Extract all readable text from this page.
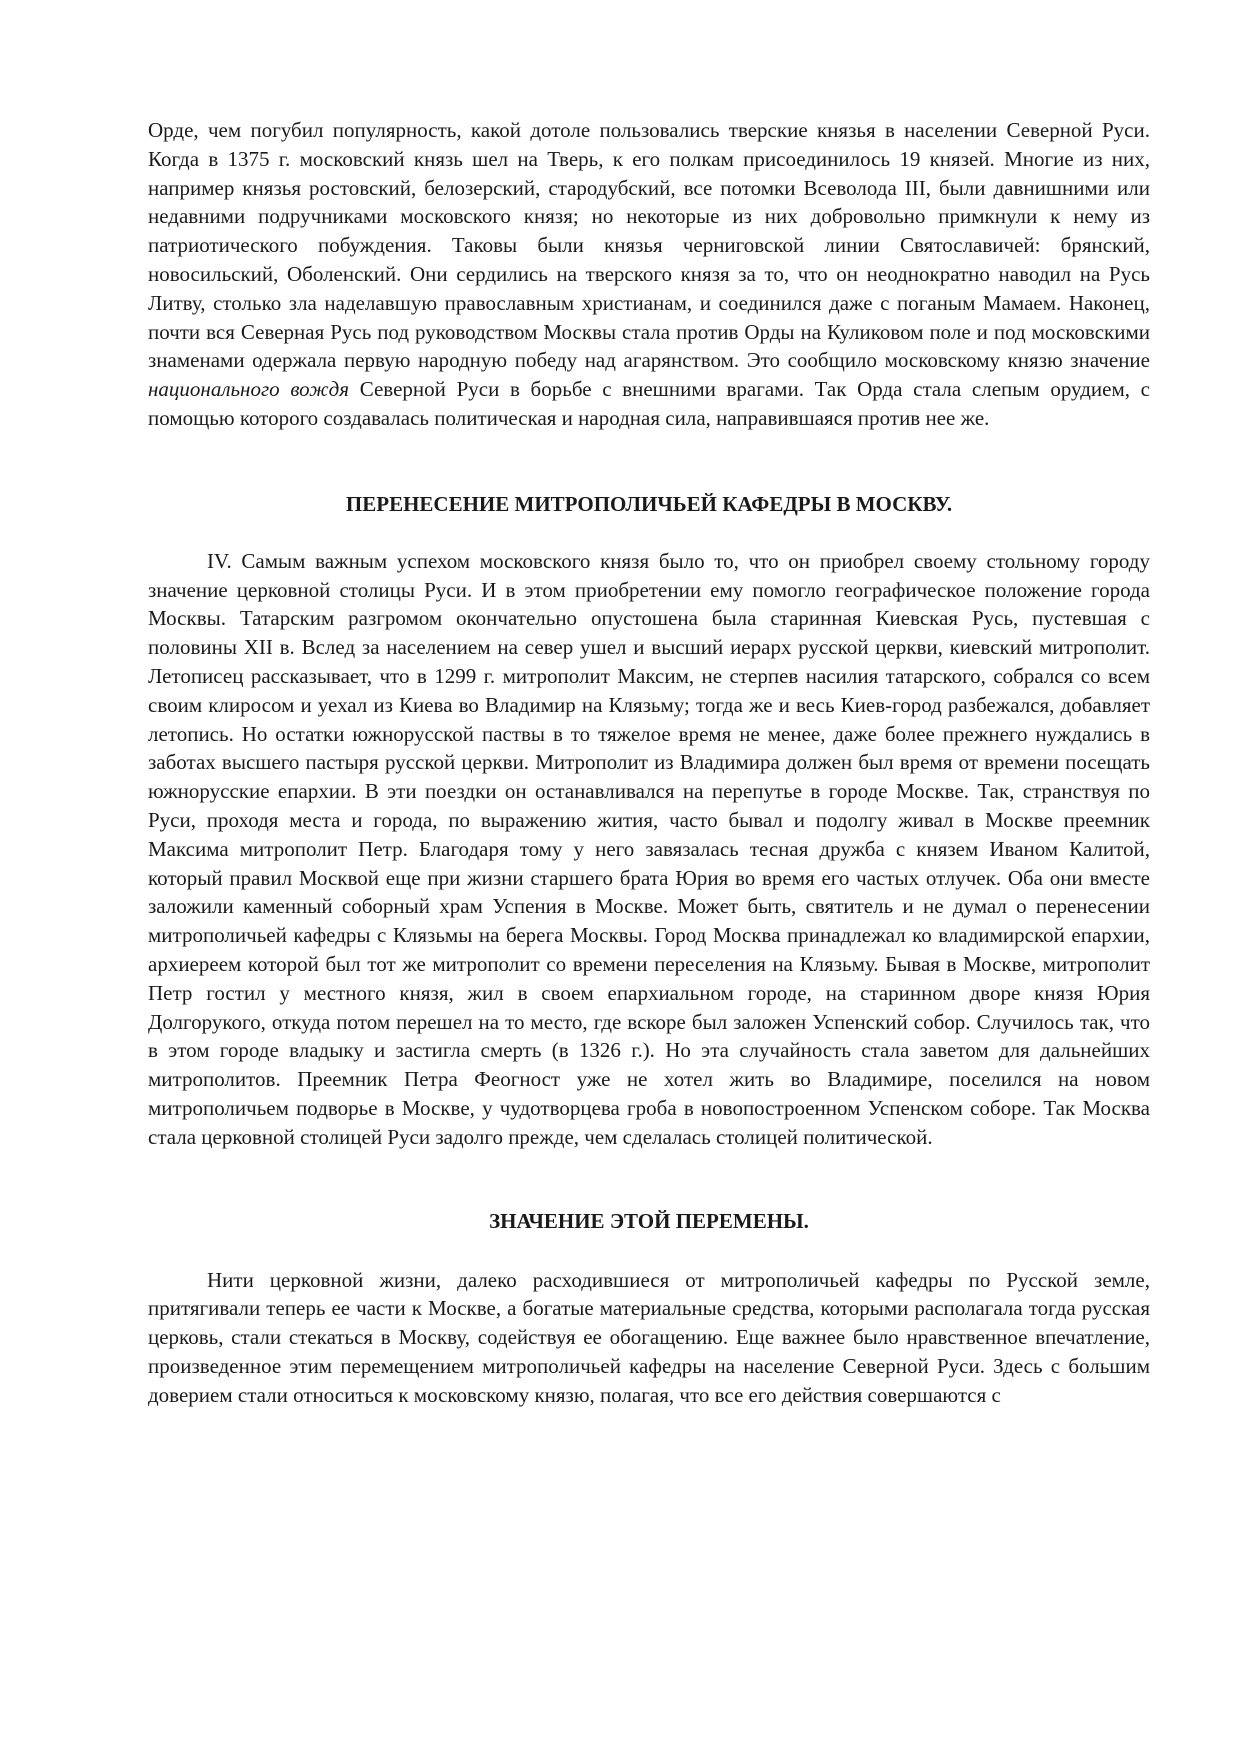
Орде, чем погубил популярность, какой дотоле пользовались тверские князья в населении Северной Руси. Когда в 1375 г. московский князь шел на Тверь, к его полкам присоединилось 19 князей. Многие из них, например князья ростовский, белозерский, стародубский, все потомки Всеволода III, были давнишними или недавними подручниками московского князя; но некоторые из них добровольно примкнули к нему из патриотического побуждения. Таковы были князья черниговской линии Святославичей: брянский, новосильский, Оболенский. Они сердились на тверского князя за то, что он неоднократно наводил на Русь Литву, столько зла наделавшую православным христианам, и соединился даже с поганым Мамаем. Наконец, почти вся Северная Русь под руководством Москвы стала против Орды на Куликовом поле и под московскими знаменами одержала первую народную победу над агарянством. Это сообщило московскому князю значение национального вождя Северной Руси в борьбе с внешними врагами. Так Орда стала слепым орудием, с помощью которого создавалась политическая и народная сила, направившаяся против нее же.

ПЕРЕНЕСЕНИЕ МИТРОПОЛИЧЬЕЙ КАФЕДРЫ В МОСКВУ.

IV. Самым важным успехом московского князя было то, что он приобрел своему стольному городу значение церковной столицы Руси. И в этом приобретении ему помогло географическое положение города Москвы. Татарским разгромом окончательно опустошена была старинная Киевская Русь, пустевшая с половины XII в. Вслед за населением на север ушел и высший иерарх русской церкви, киевский митрополит. Летописец рассказывает, что в 1299 г. митрополит Максим, не стерпев насилия татарского, собрался со всем своим клиросом и уехал из Киева во Владимир на Клязьму; тогда же и весь Киев-город разбежался, добавляет летопись. Но остатки южнорусской паствы в то тяжелое время не менее, даже более прежнего нуждались в заботах высшего пастыря русской церкви. Митрополит из Владимира должен был время от времени посещать южнорусские епархии. В эти поездки он останавливался на перепутье в городе Москве. Так, странствуя по Руси, проходя места и города, по выражению жития, часто бывал и подолгу живал в Москве преемник Максима митрополит Петр. Благодаря тому у него завязалась тесная дружба с князем Иваном Калитой, который правил Москвой еще при жизни старшего брата Юрия во время его частых отлучек. Оба они вместе заложили каменный соборный храм Успения в Москве. Может быть, святитель и не думал о перенесении митрополичьей кафедры с Клязьмы на берега Москвы. Город Москва принадлежал ко владимирской епархии, архиереем которой был тот же митрополит со времени переселения на Клязьму. Бывая в Москве, митрополит Петр гостил у местного князя, жил в своем епархиальном городе, на старинном дворе князя Юрия Долгорукого, откуда потом перешел на то место, где вскоре был заложен Успенский собор. Случилось так, что в этом городе владыку и застигла смерть (в 1326 г.). Но эта случайность стала заветом для дальнейших митрополитов. Преемник Петра Феогност уже не хотел жить во Владимире, поселился на новом митрополичьем подворье в Москве, у чудотворцева гроба в новопостроенном Успенском соборе. Так Москва стала церковной столицей Руси задолго прежде, чем сделалась столицей политической.

ЗНАЧЕНИЕ ЭТОЙ ПЕРЕМЕНЫ.

Нити церковной жизни, далеко расходившиеся от митрополичьей кафедры по Русской земле, притягивали теперь ее части к Москве, а богатые материальные средства, которыми располагала тогда русская церковь, стали стекаться в Москву, содействуя ее обогащению. Еще важнее было нравственное впечатление, произведенное этим перемещением митрополичьей кафедры на население Северной Руси. Здесь с большим доверием стали относиться к московскому князю, полагая, что все его действия совершаются с
